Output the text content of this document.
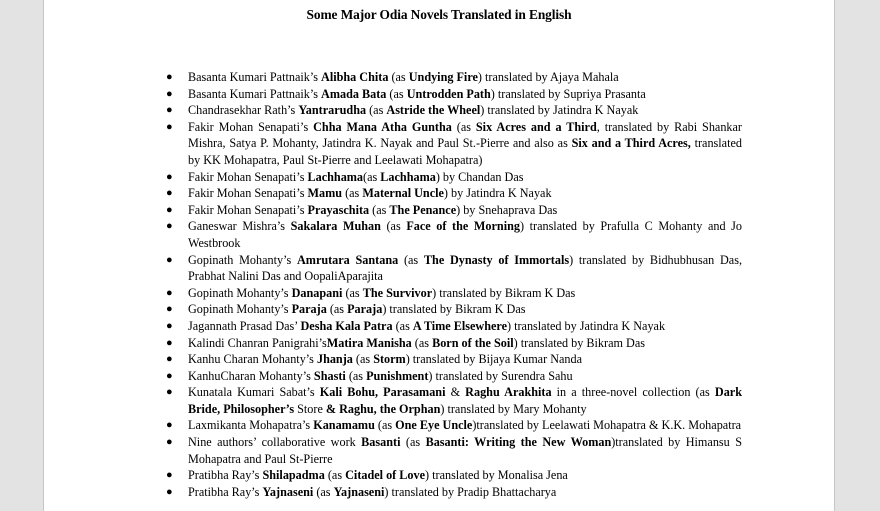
Some Major Odia Novels Translated in English
● Basanta Kumari Pattnaik’s Alibha Chita (as Undying Fire) translated by Ajaya Mahala
● Basanta Kumari Pattnaik’s Amada Bata (as Untrodden Path) translated by Supriya Prasanta
● Chandrasekhar Rath’s Yantrarudha (as Astride the Wheel) translated by Jatindra K Nayak
● Fakir Mohan Senapati’s Chha Mana Atha Guntha (as Six Acres and a Third, translated by Rabi Shankar Mishra, Satya P. Mohanty, Jatindra K. Nayak and Paul St.-Pierre and also as Six and a Third Acres, translated by KK Mohapatra, Paul St-Pierre and Leelawati Mohapatra)
● Fakir Mohan Senapati’s Lachhama(as Lachhama) by Chandan Das
● Fakir Mohan Senapati’s Mamu (as Maternal Uncle) by Jatindra K Nayak
● Fakir Mohan Senapati’s Prayaschita (as The Penance) by Snehaprava Das
● Ganeswar Mishra’s Sakalara Muhan (as Face of the Morning) translated by Prafulla C Mohanty and Jo Westbrook
● Gopinath Mohanty’s Amrutara Santana (as The Dynasty of Immortals) translated by Bidhubhusan Das, Prabhat Nalini Das and OopaliAparajita
● Gopinath Mohanty’s Danapani (as The Survivor) translated by Bikram K Das
● Gopinath Mohanty’s Paraja (as Paraja) translated by Bikram K Das
● Jagannath Prasad Das’ Desha Kala Patra (as A Time Elsewhere) translated by Jatindra K Nayak
● Kalindi Chanran Panigrahi’sMatira Manisha (as Born of the Soil) translated by Bikram Das
● Kanhu Charan Mohanty’s Jhanja (as Storm) translated by Bijaya Kumar Nanda
● KanhuCharan Mohanty’s Shasti (as Punishment) translated by Surendra Sahu
● Kunatala Kumari Sabat’s Kali Bohu, Parasamani & Raghu Arakhita in a three-novel collection (as Dark Bride, Philosopher’s Store & Raghu, the Orphan) translated by Mary Mohanty
● Laxmikanta Mohapatra’s Kanamamu (as One Eye Uncle)translated by Leelawati Mohapatra & K.K. Mohapatra
● Nine authors’ collaborative work Basanti (as Basanti: Writing the New Woman)translated by Himansu S Mohapatra and Paul St-Pierre
● Pratibha Ray’s Shilapadma (as Citadel of Love) translated by Monalisa Jena
● Pratibha Ray’s Yajnaseni (as Yajnaseni) translated by Pradip Bhattacharya
